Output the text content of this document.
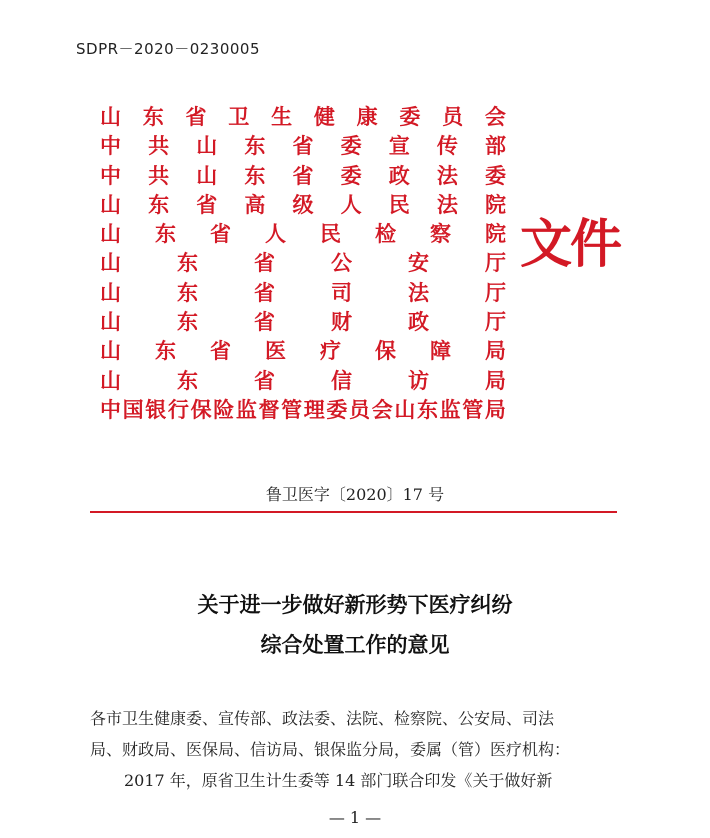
SDPR－2020－0230005
山 东 省 卫 生 健 康 委 员 会
中 共 山 东 省 委 宣 传 部
中 共 山 东 省 委 政 法 委
山 东 省 高 级 人 民 法 院
山 东 省 人 民 检 察 院
山	东	省	公	安	厅
山	东	省	司	法	厅
山	东	省	财	政	厅
山 东 省 医 疗 保 障 局
山	东	省	信	访	局
中 国 银 行 保 险 监 督 管 理 委 员 会 山 东 监 管 局
文件
鲁卫医字〔2020〕17 号
关于进一步做好新形势下医疗纠纷
综合处置工作的意见
各市卫生健康委、宣传部、政法委、法院、检察院、公安局、司法
局、财政局、医保局、信访局、银保监分局，委属（管）医疗机构：
2017 年，原省卫生计生委等 14 部门联合印发《关于做好新
— 1 —
